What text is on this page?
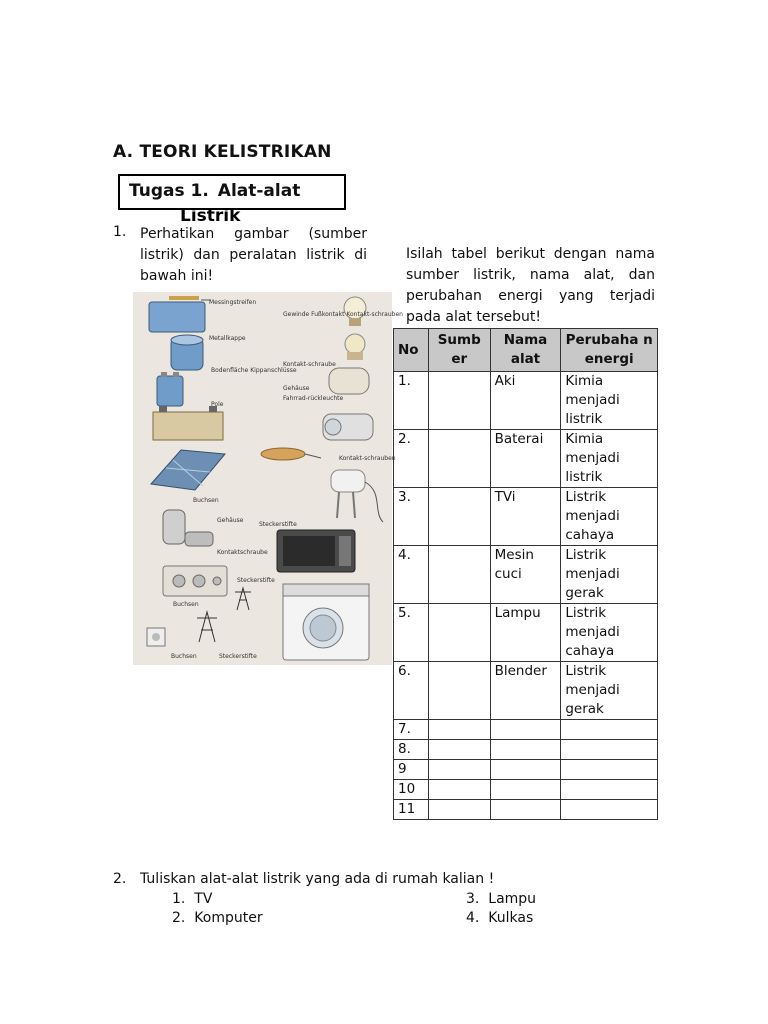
A. TEORI KELISTRIKAN
Tugas 1. Alat-alat
Listrik
1. Perhatikan gambar (sumber listrik) dan peralatan listrik di bawah ini!
Isilah tabel berikut dengan nama sumber listrik, nama alat, dan perubahan energi yang terjadi pada alat tersebut!
Messingstreifen
Metallkappe
Bodenfläche Kippanschlüsse
Pole
Gewinde Fußkontakt Kontakt-schrauben
Kontakt-schraube
Gehäuse
Fahrrad-rückleuchte
Kontakt-schrauben
Buchsen
Gehäuse
Steckerstifte
Kontaktschraube
Steckerstifte
Buchsen
Buchsen	Steckerstifte
No	Sumb er	Nama alat	Perubaha n energi
1.		Aki	Kimia menjadi listrik
2.		Baterai	Kimia menjadi listrik
3.		TVi	Listrik menjadi cahaya
4.		Mesin cuci	Listrik menjadi gerak
5.		Lampu	Listrik menjadi cahaya
6.		Blender	Listrik menjadi gerak
7.			
8.			
9			
10			
11			
2. Tuliskan alat-alat listrik yang ada di rumah kalian !
1. TV
2. Komputer
3. Lampu
4. Kulkas
